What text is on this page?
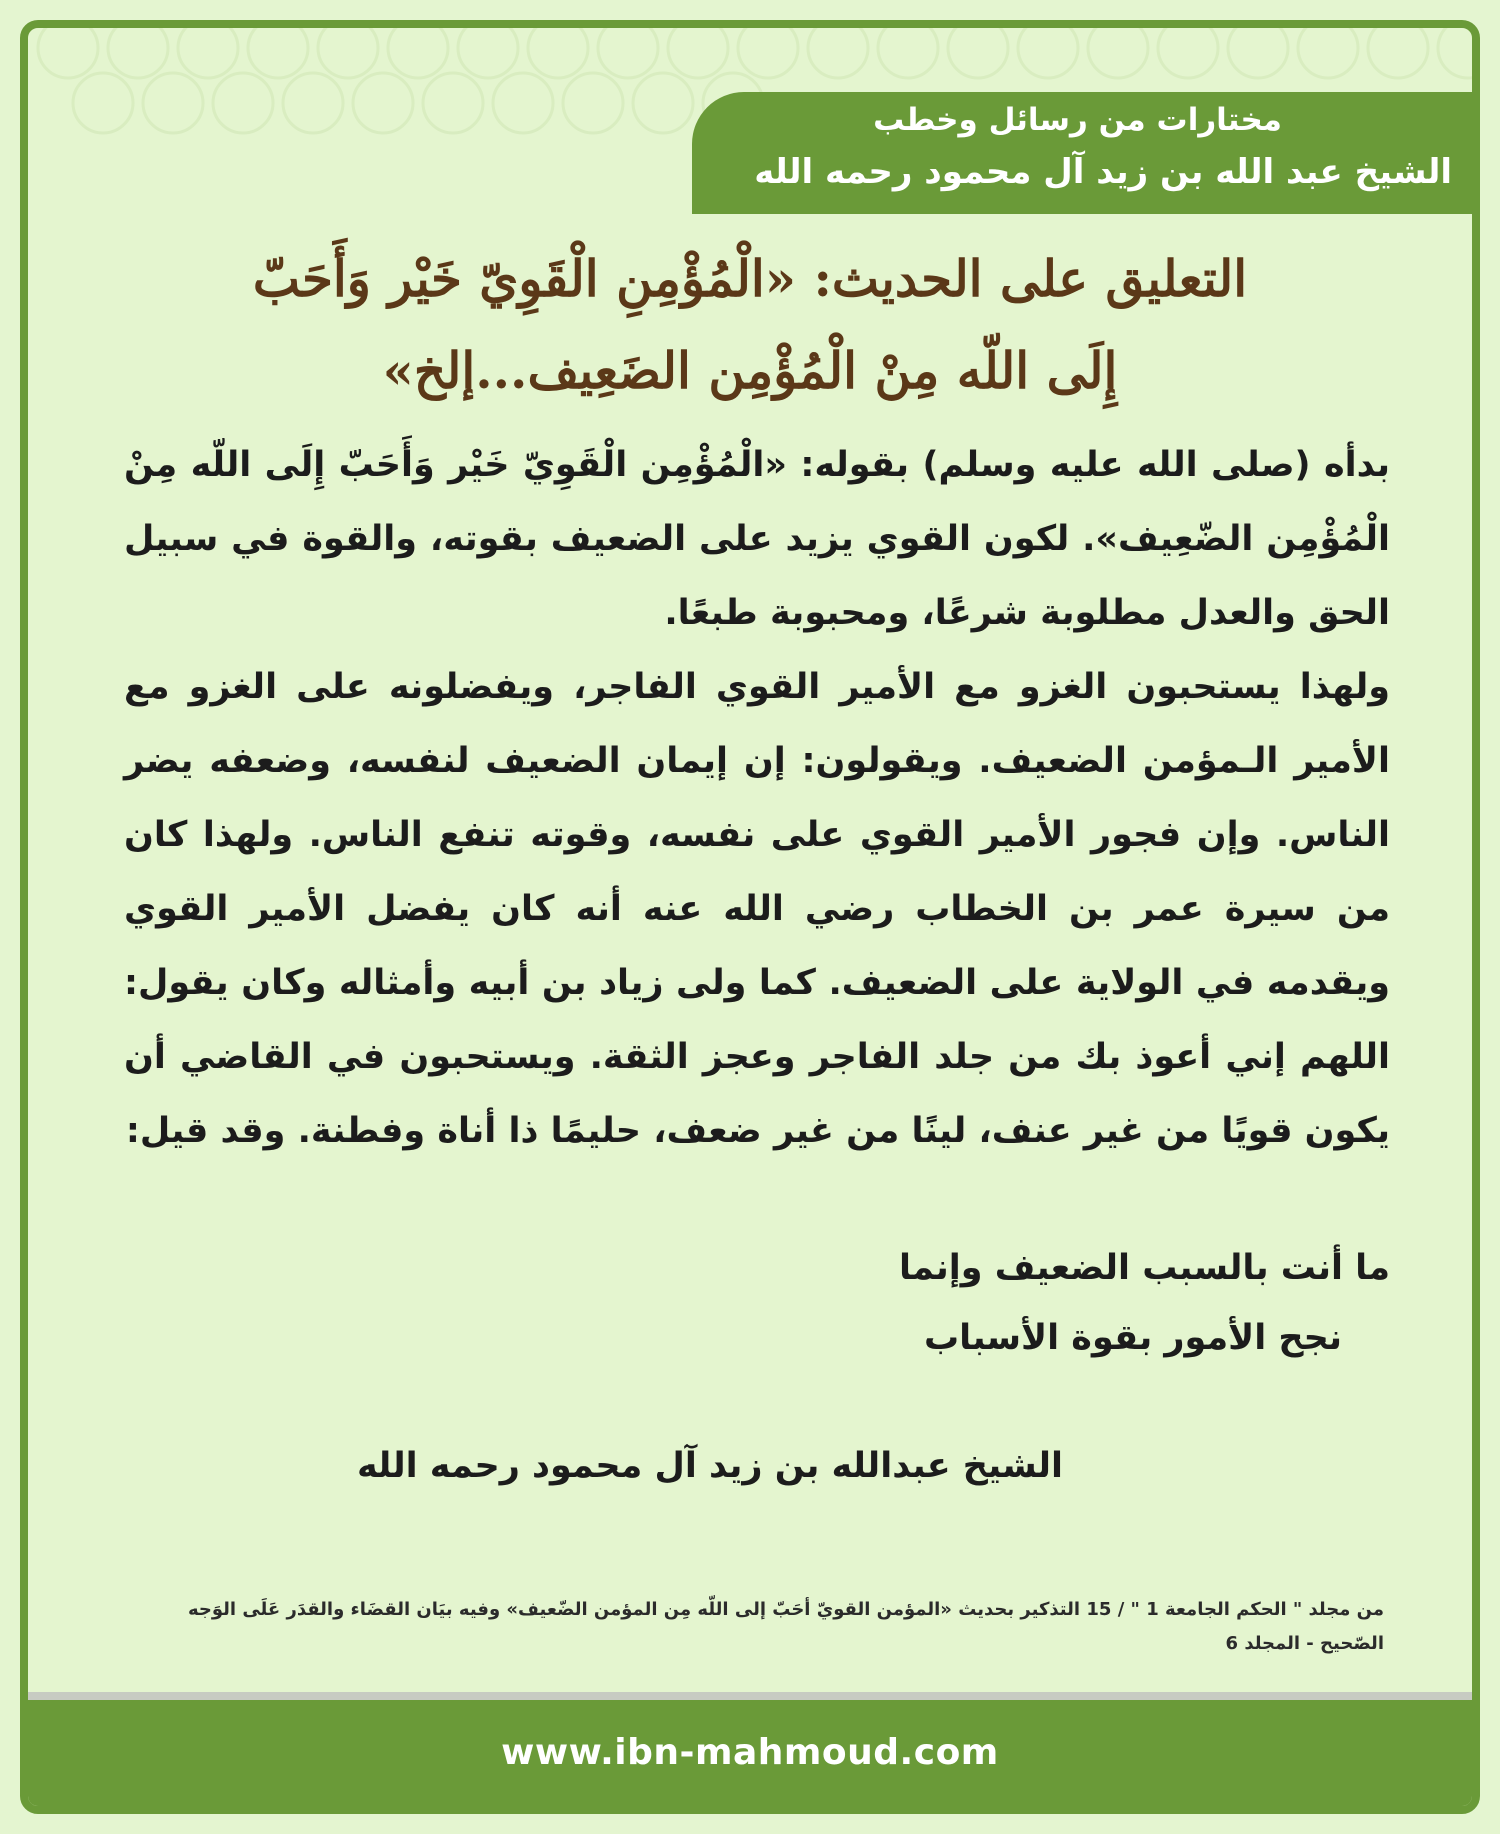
مختارات من رسائل وخطب
الشيخ عبد الله بن زيد آل محمود رحمه الله
التعليق على الحديث: «الْمُؤْمِنِ الْقَوِيّ خَيْر وَأَحَبّ
إِلَى اللّه مِنْ الْمُؤْمِن الضَعِيف...إلخ»

بدأه (صلى الله عليه وسلم) بقوله: «الْمُؤْمِن الْقَوِيّ خَيْر وَأَحَبّ إِلَى اللّه مِنْ الْمُؤْمِن الضّعِيف». لكون القوي يزيد على الضعيف بقوته، والقوة في سبيل الحق والعدل مطلوبة شرعًا، ومحبوبة طبعًا.

ولهذا يستحبون الغزو مع الأمير القوي الفاجر، ويفضلونه على الغزو مع الأمير الـمؤمن الضعيف. ويقولون: إن إيمان الضعيف لنفسه، وضعفه يضر الناس. وإن فجور الأمير القوي على نفسه، وقوته تنفع الناس. ولهذا كان من سيرة عمر بن الخطاب رضي الله عنه أنه كان يفضل الأمير القوي ويقدمه في الولاية على الضعيف. كما ولى زياد بن أبيه وأمثاله وكان يقول: اللهم إني أعوذ بك من جلد الفاجر وعجز الثقة. ويستحبون في القاضي أن يكون قويًا من غير عنف، لينًا من غير ضعف، حليمًا ذا أناة وفطنة. وقد قيل:

ما أنت بالسبب الضعيف وإنما
نجح الأمور بقوة الأسباب
الشيخ عبدالله بن زيد آل محمود رحمه الله
من مجلد " الحكم الجامعة 1 " / 15 التذكير بحديث «المؤمن القويّ أحَبّ إلى اللّه مِن المؤمن الضّعيف» وفيه بيَان القضَاء والقدَر عَلَى الوَجه الصّحيح - المجلد 6
www.ibn-mahmoud.com
